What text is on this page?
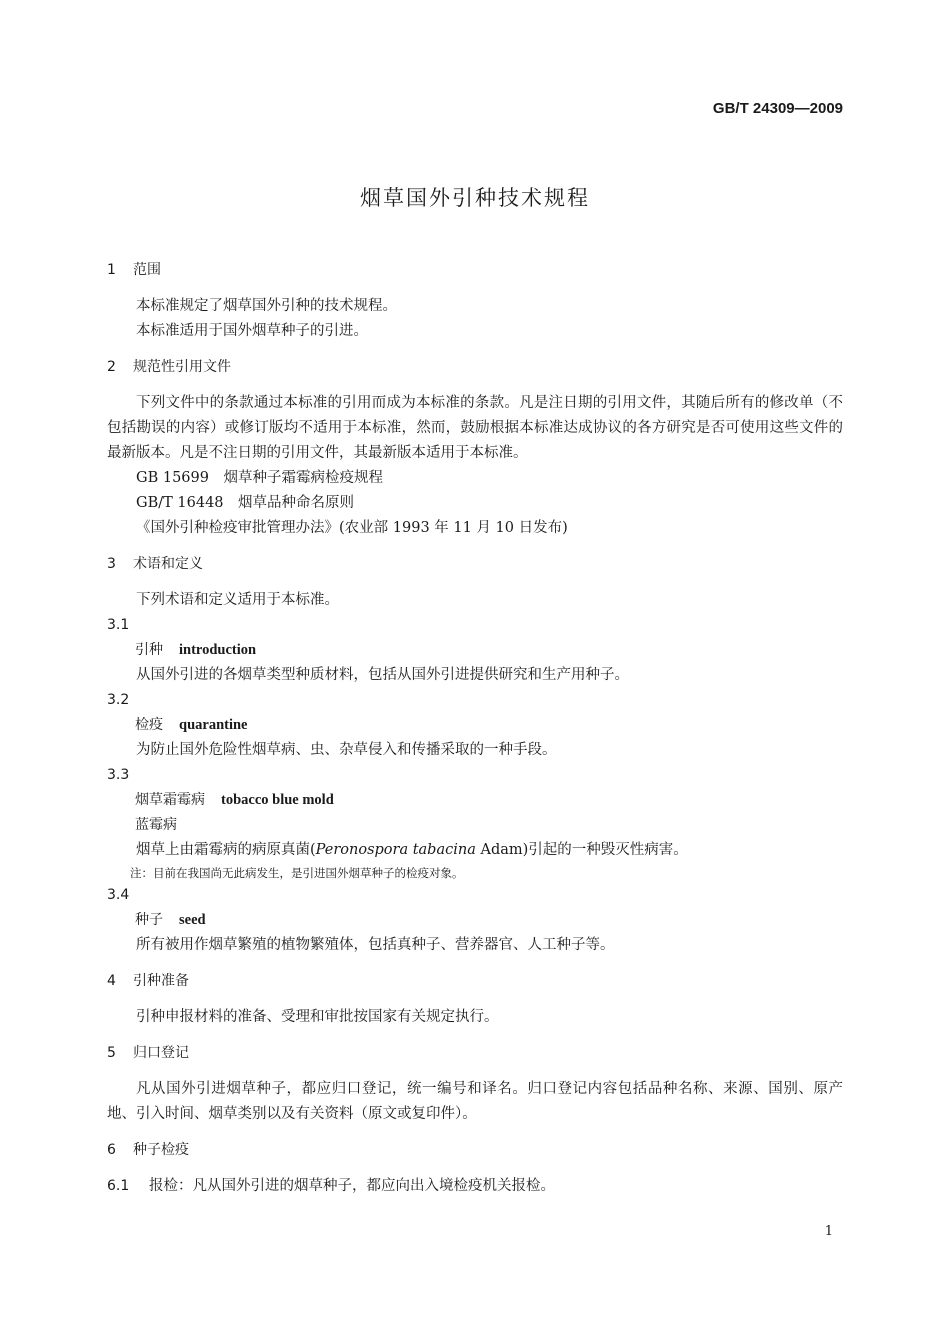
GB/T 24309—2009
烟草国外引种技术规程

1 范围

本标准规定了烟草国外引种的技术规程。

本标准适用于国外烟草种子的引进。

2 规范性引用文件

下列文件中的条款通过本标准的引用而成为本标准的条款。凡是注日期的引用文件，其随后所有的修改单（不包括勘误的内容）或修订版均不适用于本标准，然而，鼓励根据本标准达成协议的各方研究是否可使用这些文件的最新版本。凡是不注日期的引用文件，其最新版本适用于本标准。

GB 15699　烟草种子霜霉病检疫规程

GB/T 16448　烟草品种命名原则

《国外引种检疫审批管理办法》(农业部 1993 年 11 月 10 日发布)

3 术语和定义

下列术语和定义适用于本标准。

3.1

引种 introduction

从国外引进的各烟草类型种质材料，包括从国外引进提供研究和生产用种子。

3.2

检疫 quarantine

为防止国外危险性烟草病、虫、杂草侵入和传播采取的一种手段。

3.3

烟草霜霉病 tobacco blue mold

蓝霉病

烟草上由霜霉病的病原真菌(Peronospora tabacina Adam)引起的一种毁灭性病害。

注：目前在我国尚无此病发生，是引进国外烟草种子的检疫对象。

3.4

种子 seed

所有被用作烟草繁殖的植物繁殖体，包括真种子、营养器官、人工种子等。

4 引种准备

引种申报材料的准备、受理和审批按国家有关规定执行。

5 归口登记

凡从国外引进烟草种子，都应归口登记，统一编号和译名。归口登记内容包括品种名称、来源、国别、原产地、引入时间、烟草类别以及有关资料（原文或复印件）。

6 种子检疫

6.1 报检：凡从国外引进的烟草种子，都应向出入境检疫机关报检。

1
